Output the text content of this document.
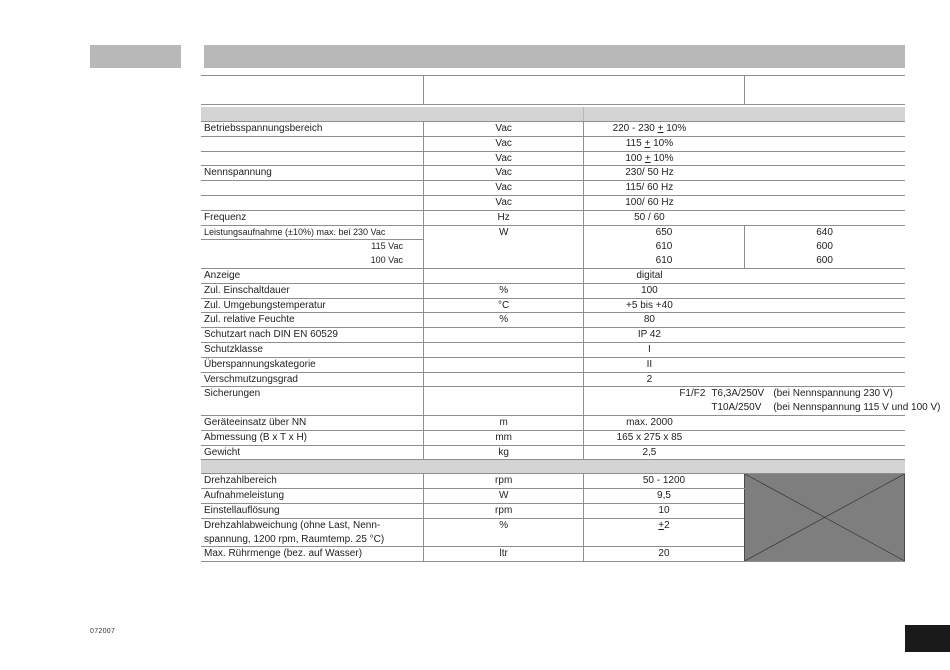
Betriebsspannungsbereich	Vac	220 - 230 + 10%	
	Vac	115 + 10%	
	Vac	100 + 10%	
Nennspannung	Vac	230/ 50 Hz	
	Vac	115/ 60 Hz	
	Vac	100/ 60 Hz	
Frequenz	Hz	50 / 60	
Leistungsaufnahme (±10%) max. bei 230 Vac	W	650	640
115 Vac		610	600
100 Vac		610	600
Anzeige		digital	
Zul. Einschaltdauer	%	100	
Zul. Umgebungstemperatur	°C	+5 bis +40	
Zul. relative Feuchte	%	80	
Schutzart nach DIN EN 60529		IP 42	
Schutzklasse		I	
Überspannungskategorie		II	
Verschmutzungsgrad		2	
Sicherungen		F1/F2 T6,3A/250V (bei Nennspannung 230 V)	
		T10A/250V (bei Nennspannung 115 V und 100 V)	
Geräteeinsatz über NN	m	max. 2000	
Abmessung (B x T x H)	mm	165 x 275 x 85	
Gewicht	kg	2,5	

Drehzahlbereich	rpm	50 - 1200	

Aufnahmeleistung	W	9,5	
Einstellauflösung	rpm	10	
Drehzahlabweichung (ohne Last, Nenn-	%	+2	
spannung, 1200 rpm, Raumtemp. 25 °C)			
Max. Rührmenge (bez. auf Wasser)	ltr	20	
072007
